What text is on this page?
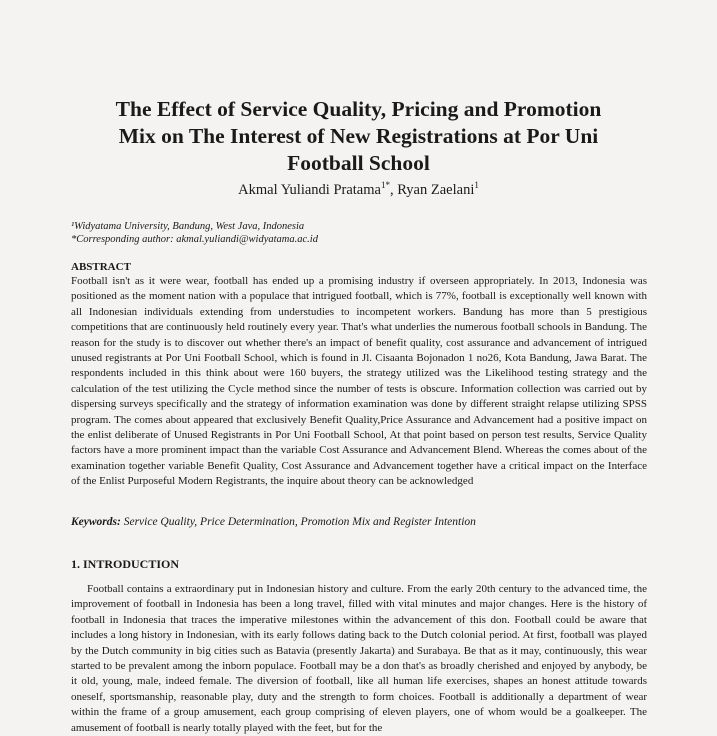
The Effect of Service Quality, Pricing and Promotion
Mix on The Interest of New Registrations at Por Uni
Football School
Akmal Yuliandi Pratama$^{1*}$, Ryan Zaelani$^1$
¹Widyatama University, Bandung, West Java, Indonesia
*Corresponding author: akmal.yuliandi@widyatama.ac.id
ABSTRACT
Football isn't as it were wear, football has ended up a promising industry if overseen appropriately. In 2013, Indonesia was positioned as the moment nation with a populace that intrigued football, which is 77%, football is exceptionally well known with all Indonesian individuals extending from understudies to incompetent workers. Bandung has more than 5 prestigious competitions that are continuously held routinely every year. That's what underlies the numerous football schools in Bandung. The reason for the study is to discover out whether there's an impact of benefit quality, cost assurance and advancement of intrigued unused registrants at Por Uni Football School, which is found in Jl. Cisaanta Bojonadon 1 no26, Kota Bandung, Jawa Barat. The respondents included in this think about were 160 buyers, the strategy utilized was the Likelihood testing strategy and the calculation of the test utilizing the Cycle method since the number of tests is obscure. Information collection was carried out by dispersing surveys specifically and the strategy of information examination was done by different straight relapse utilizing SPSS program. The comes about appeared that exclusively Benefit Quality,Price Assurance and Advancement had a positive impact on the enlist deliberate of Unused Registrants in Por Uni Football School, At that point based on person test results, Service Quality factors have a more prominent impact than the variable Cost Assurance and Advancement Blend. Whereas the comes about of the examination together variable Benefit Quality, Cost Assurance and Advancement together have a critical impact on the Interface of the Enlist Purposeful Modern Registrants, the inquire about theory can be acknowledged
Keywords: Service Quality, Price Determination, Promotion Mix and Register Intention
1. INTRODUCTION
Football contains a extraordinary put in Indonesian history and culture. From the early 20th century to the advanced time, the improvement of football in Indonesia has been a long travel, filled with vital minutes and major changes. Here is the history of football in Indonesia that traces the imperative milestones within the advancement of this don. Football could be aware that includes a long history in Indonesian, with its early follows dating back to the Dutch colonial period. At first, football was played by the Dutch community in big cities such as Batavia (presently Jakarta) and Surabaya. Be that as it may, continuously, this wear started to be prevalent among the inborn populace. Football may be a don that's as broadly cherished and enjoyed by anybody, be it old, young, male, indeed female. The diversion of football, like all human life exercises, shapes an honest attitude towards oneself, sportsmanship, reasonable play, duty and the strength to form choices. Football is additionally a department of wear within the frame of a group amusement, each group comprising of eleven players, one of whom would be a goalkeeper. The amusement of football is nearly totally played with the feet, but for the
